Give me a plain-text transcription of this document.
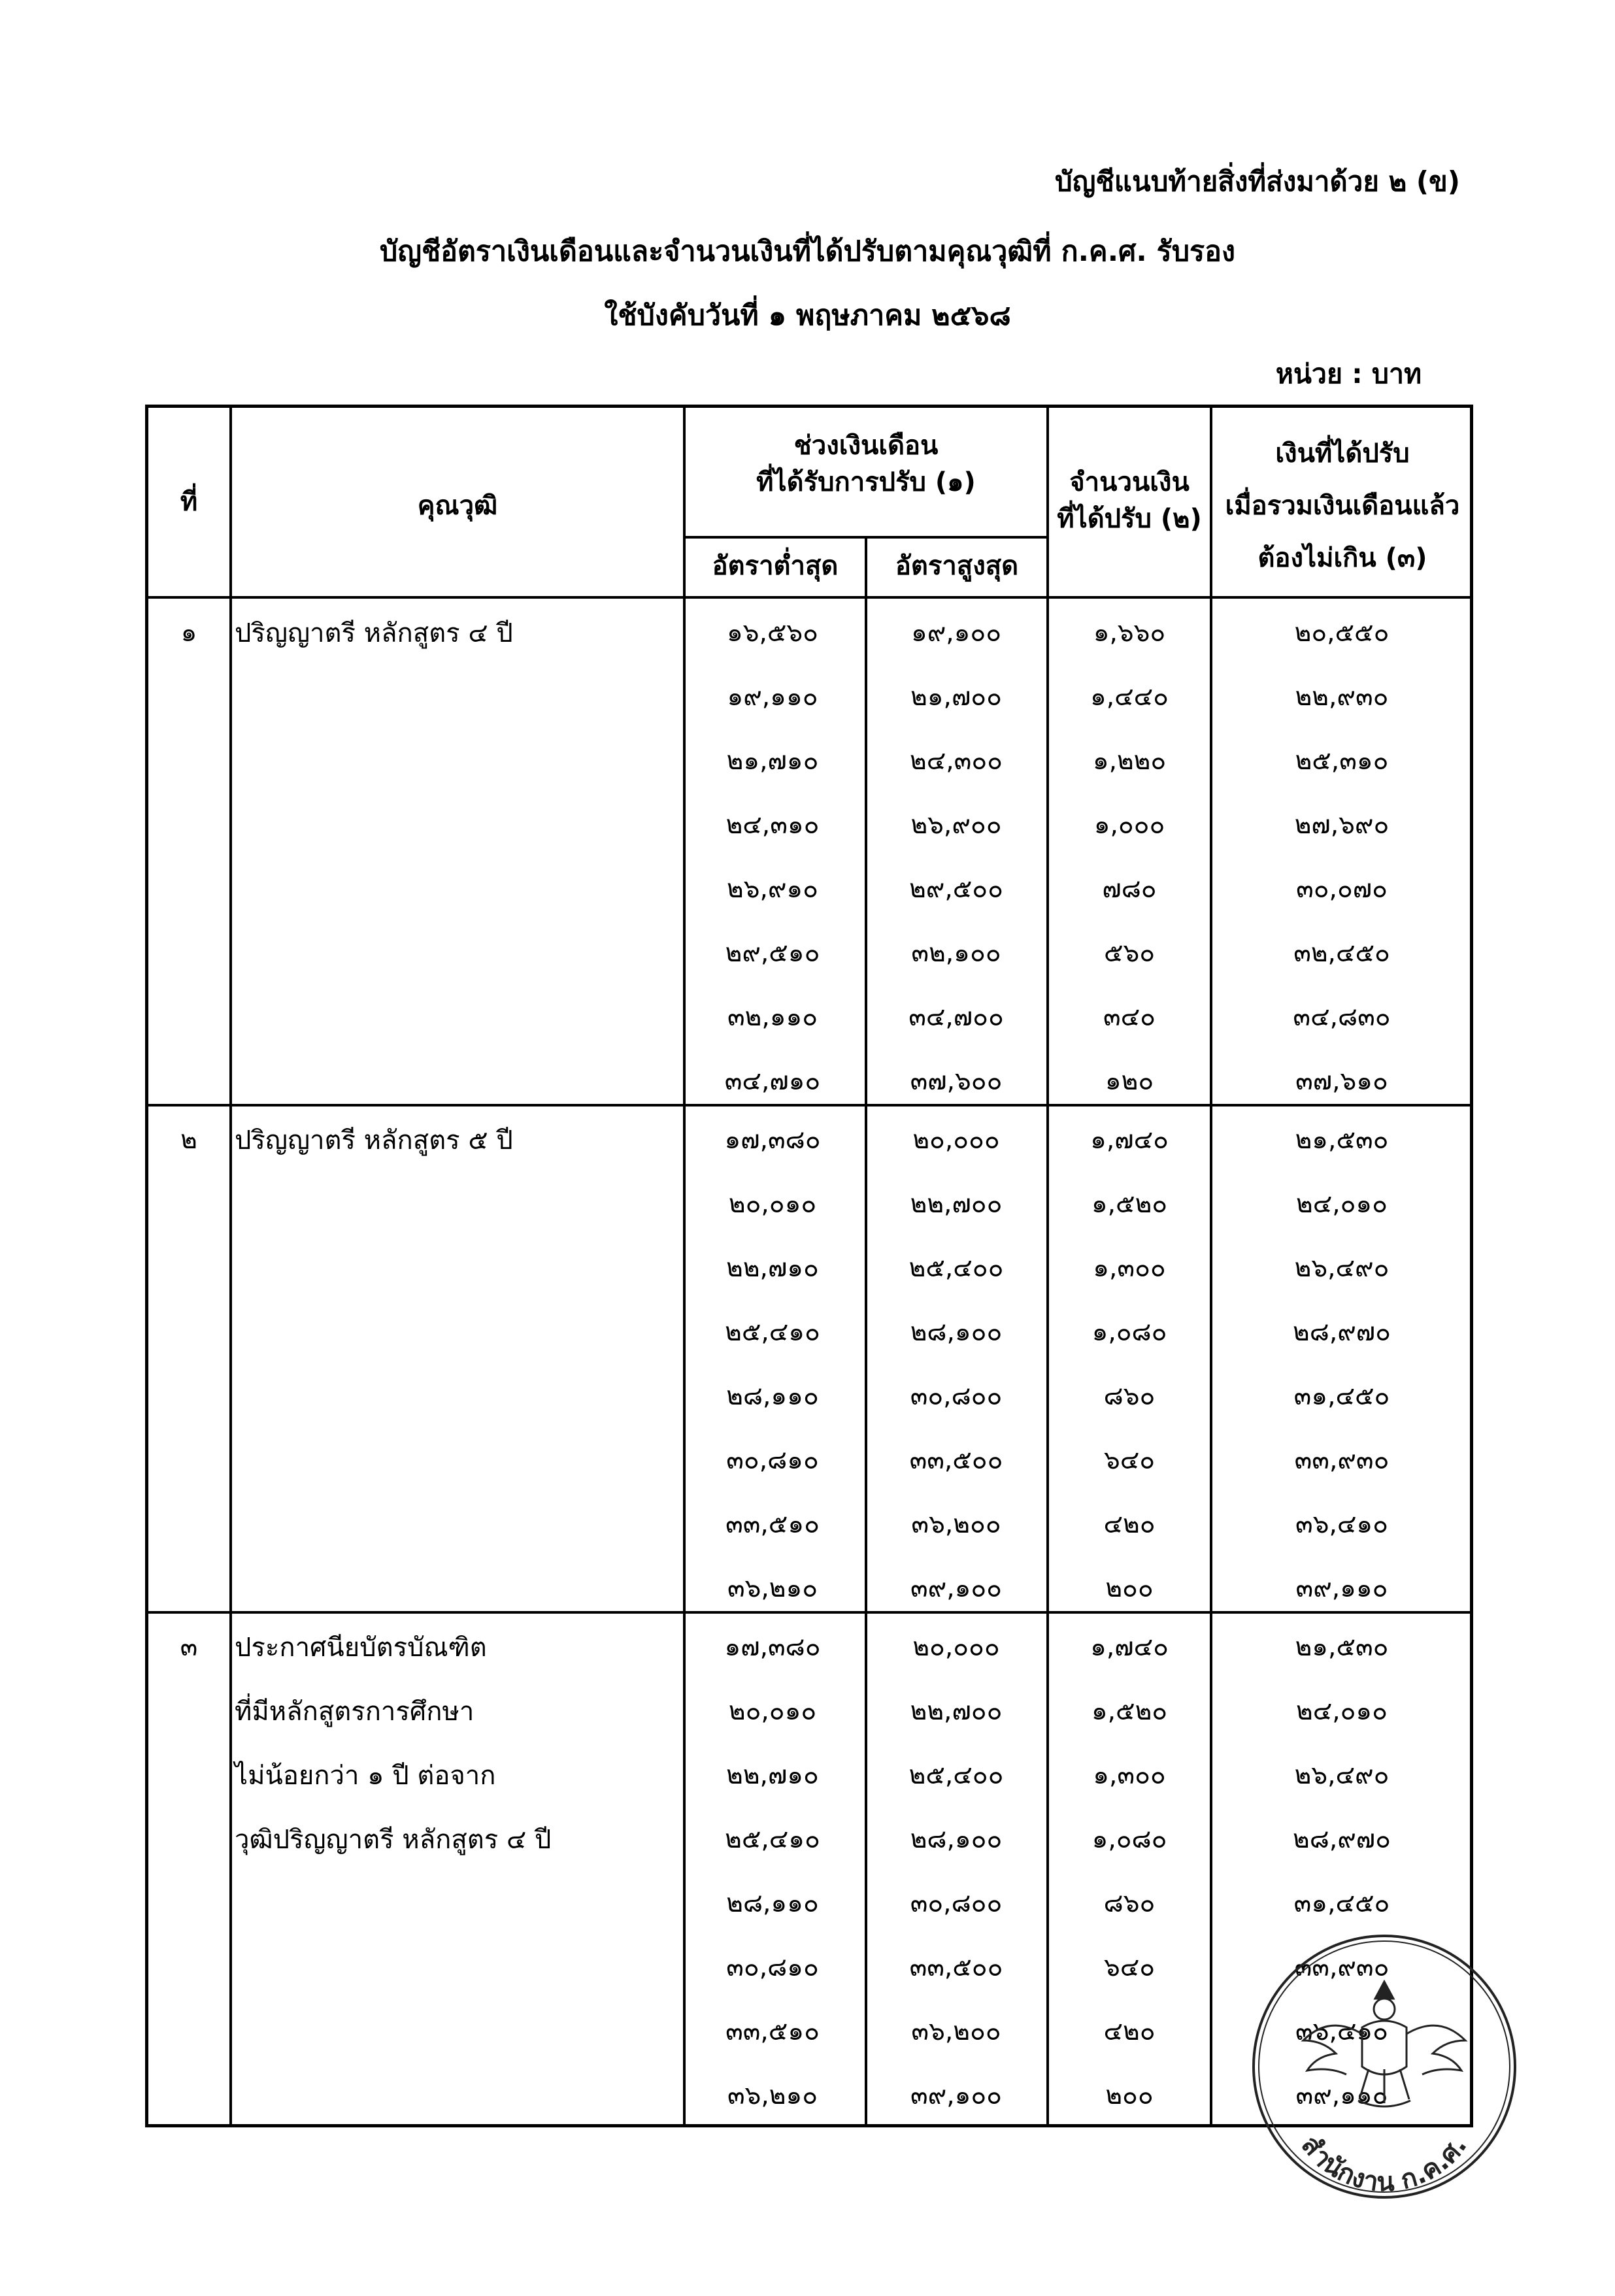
บัญชีแนบท้ายสิ่งที่ส่งมาด้วย ๒ (ข)
บัญชีอัตราเงินเดือนและจำนวนเงินที่ได้ปรับตามคุณวุฒิที่ ก.ค.ศ. รับรอง
ใช้บังคับวันที่ ๑ พฤษภาคม ๒๕๖๘
หน่วย : บาท
ที่	คุณวุฒิ
ช่วงเงินเดือน
ที่ได้รับการปรับ (๑)
อัตราต่ำสุด	อัตราสูงสุด
จำนวนเงิน
ที่ได้ปรับ (๒)
เงินที่ได้ปรับ
เมื่อรวมเงินเดือนแล้ว
ต้องไม่เกิน (๓)
๑	ปริญญาตรี หลักสูตร ๔ ปี	๑๖,๕๖๐	๑๙,๑๐๐	๑,๖๖๐	๒๐,๕๕๐
๑๙,๑๑๐	๒๑,๗๐๐	๑,๔๔๐	๒๒,๙๓๐
๒๑,๗๑๐	๒๔,๓๐๐	๑,๒๒๐	๒๕,๓๑๐
๒๔,๓๑๐	๒๖,๙๐๐	๑,๐๐๐	๒๗,๖๙๐
๒๖,๙๑๐	๒๙,๕๐๐	๗๘๐	๓๐,๐๗๐
๒๙,๕๑๐	๓๒,๑๐๐	๕๖๐	๓๒,๔๕๐
๓๒,๑๑๐	๓๔,๗๐๐	๓๔๐	๓๔,๘๓๐
๓๔,๗๑๐	๓๗,๖๐๐	๑๒๐	๓๗,๖๑๐
๒	ปริญญาตรี หลักสูตร ๕ ปี	๑๗,๓๘๐	๒๐,๐๐๐	๑,๗๔๐	๒๑,๕๓๐
๒๐,๐๑๐	๒๒,๗๐๐	๑,๕๒๐	๒๔,๐๑๐
๒๒,๗๑๐	๒๕,๔๐๐	๑,๓๐๐	๒๖,๔๙๐
๒๕,๔๑๐	๒๘,๑๐๐	๑,๐๘๐	๒๘,๙๗๐
๒๘,๑๑๐	๓๐,๘๐๐	๘๖๐	๓๑,๔๕๐
๓๐,๘๑๐	๓๓,๕๐๐	๖๔๐	๓๓,๙๓๐
๓๓,๕๑๐	๓๖,๒๐๐	๔๒๐	๓๖,๔๑๐
๓๖,๒๑๐	๓๙,๑๐๐	๒๐๐	๓๙,๑๑๐
๓	ประกาศนียบัตรบัณฑิต
ที่มีหลักสูตรการศึกษา
ไม่น้อยกว่า ๑ ปี ต่อจาก
วุฒิปริญญาตรี หลักสูตร ๔ ปี
๑๗,๓๘๐	๒๐,๐๐๐	๑,๗๔๐	๒๑,๕๓๐
๒๐,๐๑๐	๒๒,๗๐๐	๑,๕๒๐	๒๔,๐๑๐
๒๒,๗๑๐	๒๕,๔๐๐	๑,๓๐๐	๒๖,๔๙๐
๒๕,๔๑๐	๒๘,๑๐๐	๑,๐๘๐	๒๘,๙๗๐
๒๘,๑๑๐	๓๐,๘๐๐	๘๖๐	๓๑,๔๕๐
๓๐,๘๑๐	๓๓,๕๐๐	๖๔๐	๓๓,๙๓๐
๓๓,๕๑๐	๓๖,๒๐๐	๔๒๐	๓๖,๔๑๐
๓๖,๒๑๐	๓๙,๑๐๐	๒๐๐	๓๙,๑๑๐
สำนักงาน ก.ค.ศ.
